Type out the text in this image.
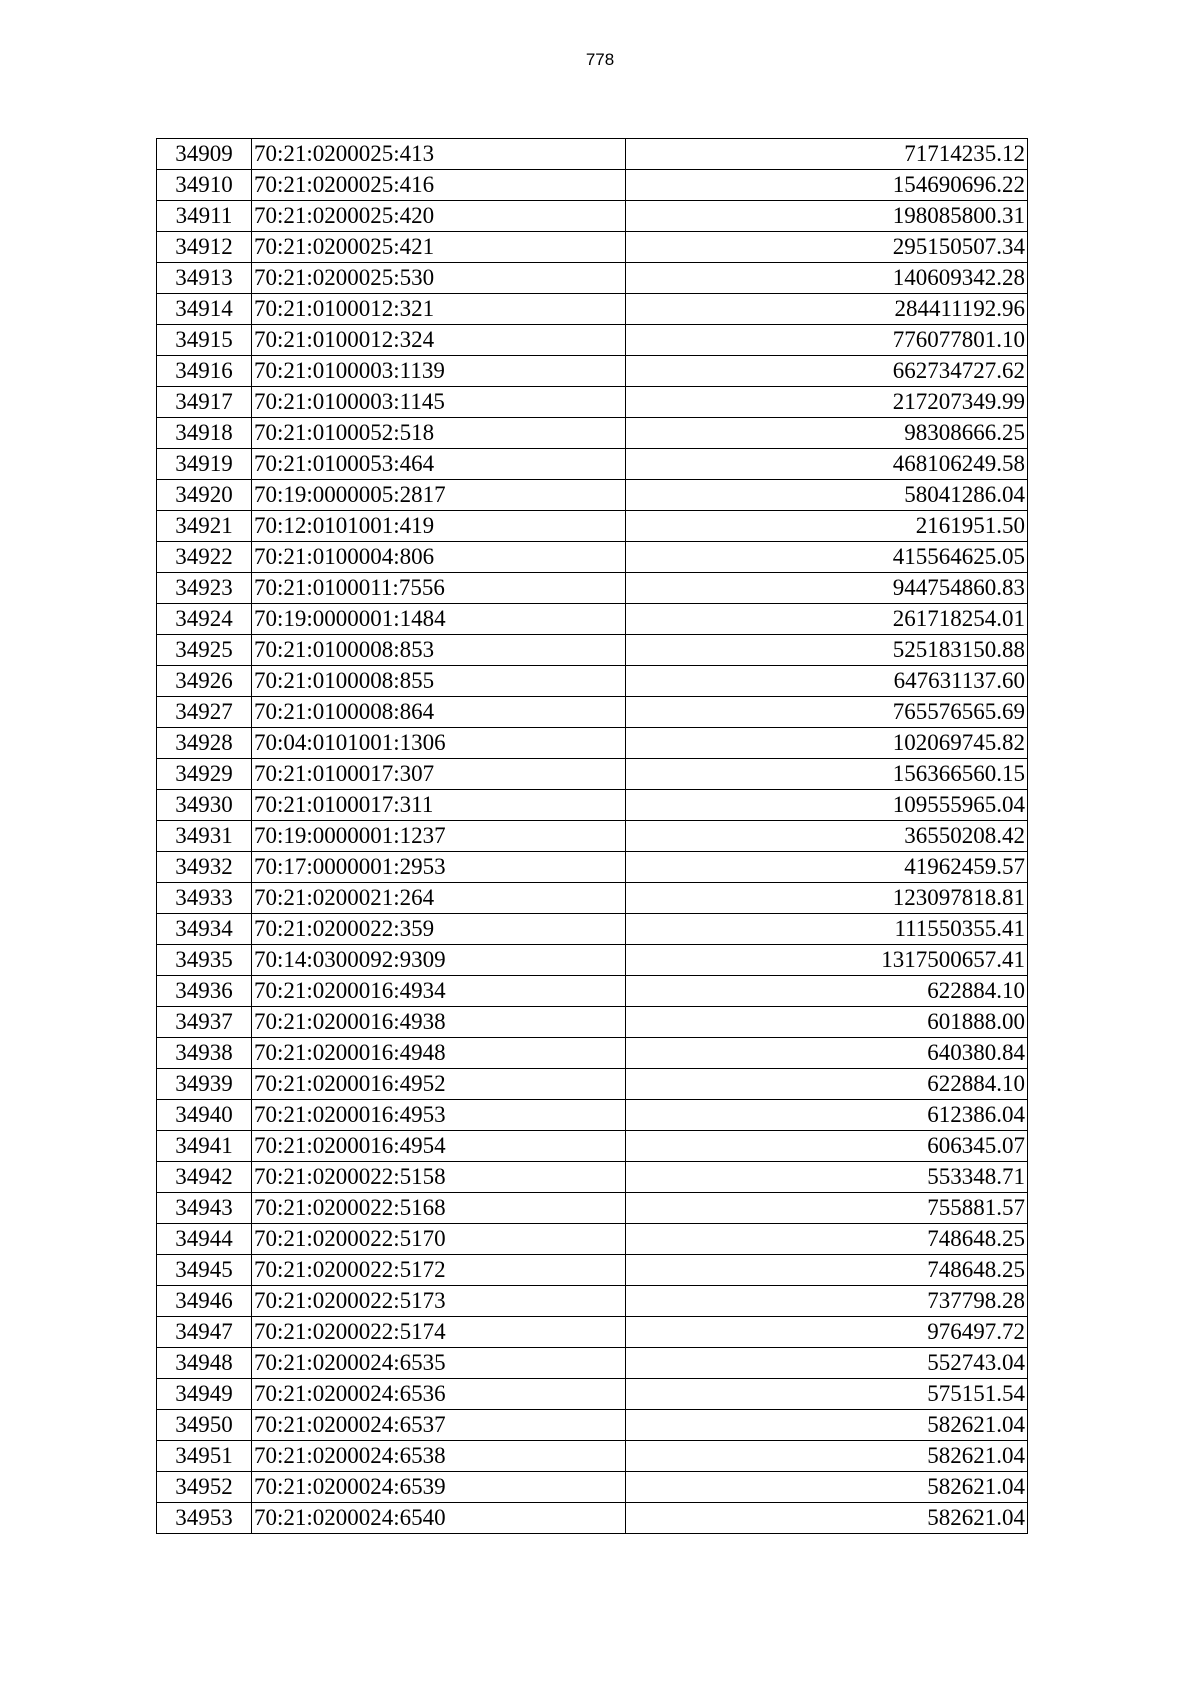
778
34909	70:21:0200025:413	71714235.12
34910	70:21:0200025:416	154690696.22
34911	70:21:0200025:420	198085800.31
34912	70:21:0200025:421	295150507.34
34913	70:21:0200025:530	140609342.28
34914	70:21:0100012:321	284411192.96
34915	70:21:0100012:324	776077801.10
34916	70:21:0100003:1139	662734727.62
34917	70:21:0100003:1145	217207349.99
34918	70:21:0100052:518	98308666.25
34919	70:21:0100053:464	468106249.58
34920	70:19:0000005:2817	58041286.04
34921	70:12:0101001:419	2161951.50
34922	70:21:0100004:806	415564625.05
34923	70:21:0100011:7556	944754860.83
34924	70:19:0000001:1484	261718254.01
34925	70:21:0100008:853	525183150.88
34926	70:21:0100008:855	647631137.60
34927	70:21:0100008:864	765576565.69
34928	70:04:0101001:1306	102069745.82
34929	70:21:0100017:307	156366560.15
34930	70:21:0100017:311	109555965.04
34931	70:19:0000001:1237	36550208.42
34932	70:17:0000001:2953	41962459.57
34933	70:21:0200021:264	123097818.81
34934	70:21:0200022:359	111550355.41
34935	70:14:0300092:9309	1317500657.41
34936	70:21:0200016:4934	622884.10
34937	70:21:0200016:4938	601888.00
34938	70:21:0200016:4948	640380.84
34939	70:21:0200016:4952	622884.10
34940	70:21:0200016:4953	612386.04
34941	70:21:0200016:4954	606345.07
34942	70:21:0200022:5158	553348.71
34943	70:21:0200022:5168	755881.57
34944	70:21:0200022:5170	748648.25
34945	70:21:0200022:5172	748648.25
34946	70:21:0200022:5173	737798.28
34947	70:21:0200022:5174	976497.72
34948	70:21:0200024:6535	552743.04
34949	70:21:0200024:6536	575151.54
34950	70:21:0200024:6537	582621.04
34951	70:21:0200024:6538	582621.04
34952	70:21:0200024:6539	582621.04
34953	70:21:0200024:6540	582621.04
